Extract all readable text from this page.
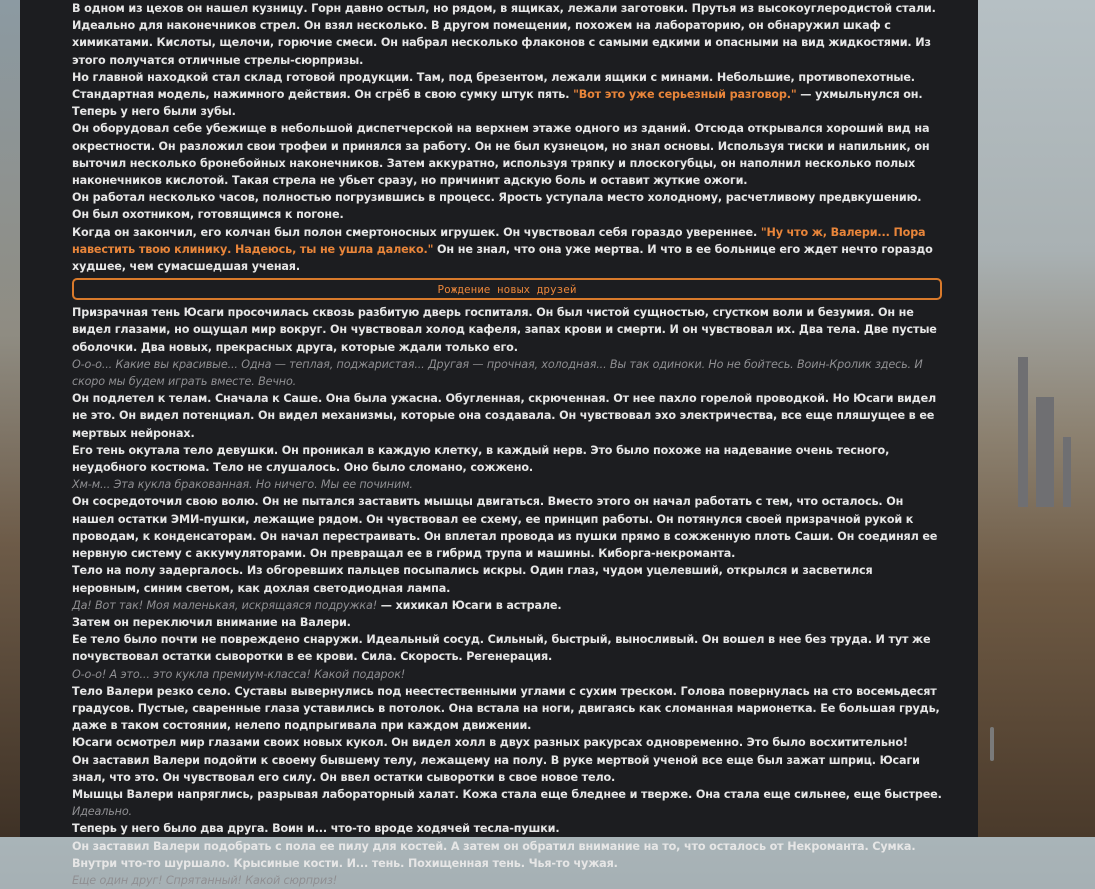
В одном из цехов он нашел кузницу. Горн давно остыл, но рядом, в ящиках, лежали заготовки. Прутья из высокоуглеродистой стали. Идеально для наконечников стрел. Он взял несколько. В другом помещении, похожем на лабораторию, он обнаружил шкаф с химикатами. Кислоты, щелочи, горючие смеси. Он набрал несколько флаконов с самыми едкими и опасными на вид жидкостями. Из этого получатся отличные стрелы-сюрпризы.

Но главной находкой стал склад готовой продукции. Там, под брезентом, лежали ящики с минами. Небольшие, противопехотные. Стандартная модель, нажимного действия. Он сгрёб в свою сумку штук пять. "Вот это уже серьезный разговор." — ухмыльнулся он. Теперь у него были зубы.

Он оборудовал себе убежище в небольшой диспетчерской на верхнем этаже одного из зданий. Отсюда открывался хороший вид на окрестности. Он разложил свои трофеи и принялся за работу. Он не был кузнецом, но знал основы. Используя тиски и напильник, он выточил несколько бронебойных наконечников. Затем аккуратно, используя тряпку и плоскогубцы, он наполнил несколько полых наконечников кислотой. Такая стрела не убьет сразу, но причинит адскую боль и оставит жуткие ожоги.

Он работал несколько часов, полностью погрузившись в процесс. Ярость уступала место холодному, расчетливому предвкушению. Он был охотником, готовящимся к погоне.

Когда он закончил, его колчан был полон смертоносных игрушек. Он чувствовал себя гораздо увереннее. "Ну что ж, Валери... Пора навестить твою клинику. Надеюсь, ты не ушла далеко." Он не знал, что она уже мертва. И что в ее больнице его ждет нечто гораздо худшее, чем сумасшедшая ученая.

Рождение новых друзей

Призрачная тень Юсаги просочилась сквозь разбитую дверь госпиталя. Он был чистой сущностью, сгустком воли и безумия. Он не видел глазами, но ощущал мир вокруг. Он чувствовал холод кафеля, запах крови и смерти. И он чувствовал их. Два тела. Две пустые оболочки. Два новых, прекрасных друга, которые ждали только его.

О-о-о... Какие вы красивые... Одна — теплая, поджаристая... Другая — прочная, холодная... Вы так одиноки. Но не бойтесь. Воин-Кролик здесь. И скоро мы будем играть вместе. Вечно.

Он подлетел к телам. Сначала к Саше. Она была ужасна. Обугленная, скрюченная. От нее пахло горелой проводкой. Но Юсаги видел не это. Он видел потенциал. Он видел механизмы, которые она создавала. Он чувствовал эхо электричества, все еще пляшущее в ее мертвых нейронах.

Его тень окутала тело девушки. Он проникал в каждую клетку, в каждый нерв. Это было похоже на надевание очень тесного, неудобного костюма. Тело не слушалось. Оно было сломано, сожжено.

Хм-м... Эта кукла бракованная. Но ничего. Мы ее починим.

Он сосредоточил свою волю. Он не пытался заставить мышцы двигаться. Вместо этого он начал работать с тем, что осталось. Он нашел остатки ЭМИ-пушки, лежащие рядом. Он чувствовал ее схему, ее принцип работы. Он потянулся своей призрачной рукой к проводам, к конденсаторам. Он начал перестраивать. Он вплетал провода из пушки прямо в сожженную плоть Саши. Он соединял ее нервную систему с аккумуляторами. Он превращал ее в гибрид трупа и машины. Киборга-некроманта.

Тело на полу задергалось. Из обгоревших пальцев посыпались искры. Один глаз, чудом уцелевший, открылся и засветился неровным, синим светом, как дохлая светодиодная лампа.

Да! Вот так! Моя маленькая, искрящаяся подружка! — хихикал Юсаги в астрале.

Затем он переключил внимание на Валери.

Ее тело было почти не повреждено снаружи. Идеальный сосуд. Сильный, быстрый, выносливый. Он вошел в нее без труда. И тут же почувствовал остатки сыворотки в ее крови. Сила. Скорость. Регенерация.

О-о-о! А это... это кукла премиум-класса! Какой подарок!

Тело Валери резко село. Суставы вывернулись под неестественными углами с сухим треском. Голова повернулась на сто восемьдесят градусов. Пустые, сваренные глаза уставились в потолок. Она встала на ноги, двигаясь как сломанная марионетка. Ее большая грудь, даже в таком состоянии, нелепо подпрыгивала при каждом движении.

Юсаги осмотрел мир глазами своих новых кукол. Он видел холл в двух разных ракурсах одновременно. Это было восхитительно!

Он заставил Валери подойти к своему бывшему телу, лежащему на полу. В руке мертвой ученой все еще был зажат шприц. Юсаги знал, что это. Он чувствовал его силу. Он ввел остатки сыворотки в свое новое тело.

Мышцы Валери напряглись, разрывая лабораторный халат. Кожа стала еще бледнее и тверже. Она стала еще сильнее, еще быстрее.

Идеально.

Теперь у него было два друга. Воин и... что-то вроде ходячей тесла-пушки.

Он заставил Валери подобрать с пола ее пилу для костей. А затем он обратил внимание на то, что осталось от Некроманта. Сумка. Внутри что-то шуршало. Крысиные кости. И... тень. Похищенная тень. Чья-то чужая.

Еще один друг! Спрятанный! Какой сюрприз!
